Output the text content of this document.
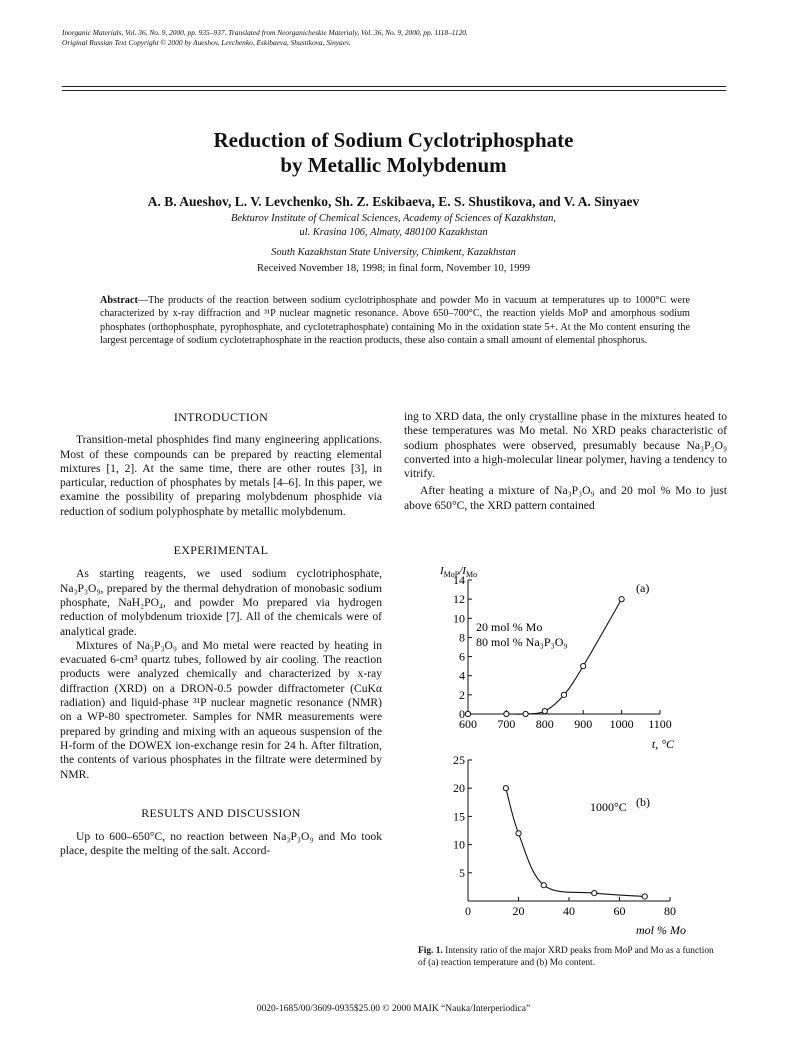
Inorganic Materials, Vol. 36, No. 9, 2000, pp. 935–937. Translated from Neorganicheskie Materialy, Vol. 36, No. 9, 2000, pp. 1118–1120.
Original Russian Text Copyright © 2000 by Aueshov, Levchenko, Eskibaeva, Shustikova, Sinyaev.
Reduction of Sodium Cyclotriphosphate
by Metallic Molybdenum
A. B. Aueshov, L. V. Levchenko, Sh. Z. Eskibaeva, E. S. Shustikova, and V. A. Sinyaev
Bekturov Institute of Chemical Sciences, Academy of Sciences of Kazakhstan,
ul. Krasina 106, Almaty, 480100 Kazakhstan
South Kazakhstan State University, Chimkent, Kazakhstan
Received November 18, 1998; in final form, November 10, 1999
Abstract—The products of the reaction between sodium cyclotriphosphate and powder Mo in vacuum at temperatures up to 1000°C were characterized by x-ray diffraction and ³¹P nuclear magnetic resonance. Above 650–700°C, the reaction yields MoP and amorphous sodium phosphates (orthophosphate, pyrophosphate, and cyclotetraphosphate) containing Mo in the oxidation state 5+. At the Mo content ensuring the largest percentage of sodium cyclotetraphosphate in the reaction products, these also contain a small amount of elemental phosphorus.
INTRODUCTION

Transition-metal phosphides find many engineering applications. Most of these compounds can be prepared by reacting elemental mixtures [1, 2]. At the same time, there are other routes [3], in particular, reduction of phosphates by metals [4–6]. In this paper, we examine the possibility of preparing molybdenum phosphide via reduction of sodium polyphosphate by metallic molybdenum.

EXPERIMENTAL

As starting reagents, we used sodium cyclotriphosphate, Na₃P₃O₉, prepared by the thermal dehydration of monobasic sodium phosphate, NaH₂PO₄, and powder Mo prepared via hydrogen reduction of molybdenum trioxide [7]. All of the chemicals were of analytical grade.

Mixtures of Na₃P₃O₉ and Mo metal were reacted by heating in evacuated 6-cm³ quartz tubes, followed by air cooling. The reaction products were analyzed chemically and characterized by x-ray diffraction (XRD) on a DRON-0.5 powder diffractometer (CuKα radiation) and liquid-phase ³¹P nuclear magnetic resonance (NMR) on a WP-80 spectrometer. Samples for NMR measurements were prepared by grinding and mixing with an aqueous suspension of the H-form of the DOWEX ion-exchange resin for 24 h. After filtration, the contents of various phosphates in the filtrate were determined by NMR.

RESULTS AND DISCUSSION

Up to 600–650°C, no reaction between Na₃P₃O₉ and Mo took place, despite the melting of the salt. Accord-

ing to XRD data, the only crystalline phase in the mixtures heated to these temperatures was Mo metal. No XRD peaks characteristic of sodium phosphates were observed, presumably because Na₃P₃O₉ converted into a high-molecular linear polymer, having a tendency to vitrify.

After heating a mixture of Na₃P₃O₉ and 20 mol % Mo to just above 650°C, the XRD pattern contained

600 700 800 900 1000 1100
0
2
4
6
8
10
12
14
(a)
t, °C
$I_{MoP}/I_{Mo}$
20 mol % Mo
80 mol % Na₃P₃O₉
0	20	40	60	80
5
10
15
20
25
(b)
mol % Mo
1000°C
Fig. 1. Intensity ratio of the major XRD peaks from MoP and Mo as a function of (a) reaction temperature and (b) Mo content.
0020-1685/00/3609-0935$25.00 © 2000 MAIK “Nauka/Interperiodica”
